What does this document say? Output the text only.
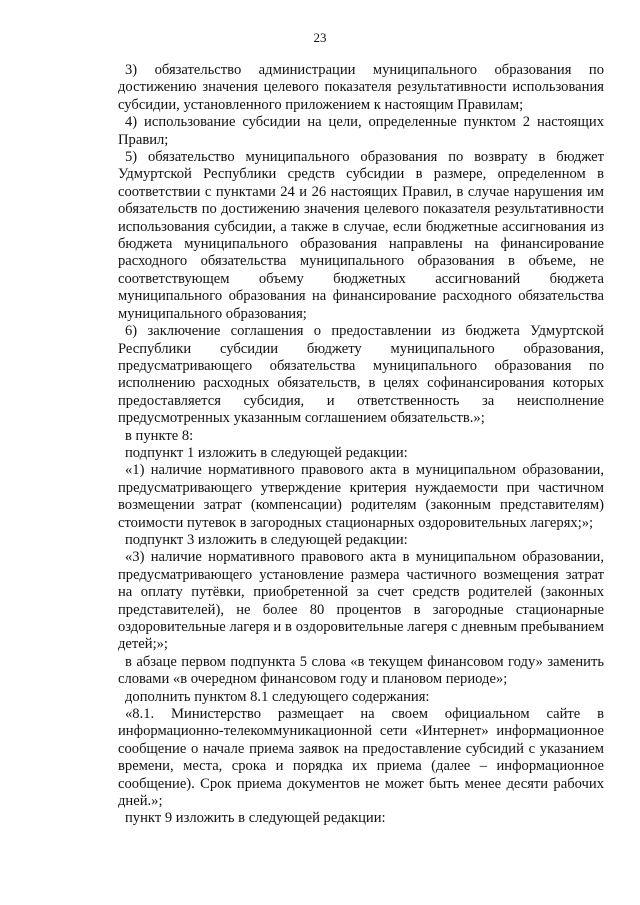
23

3) обязательство администрации муниципального образования по достижению значения целевого показателя результативности использования субсидии, установленного приложением к настоящим Правилам;

4) использование субсидии на цели, определенные пунктом 2 настоящих Правил;

5) обязательство муниципального образования по возврату в бюджет Удмуртской Республики средств субсидии в размере, определенном в соответствии с пунктами 24 и 26 настоящих Правил, в случае нарушения им обязательств по достижению значения целевого показателя результативности использования субсидии, а также в случае, если бюджетные ассигнования из бюджета муниципального образования направлены на финансирование расходного обязательства муниципального образования в объеме, не соответствующем объему бюджетных ассигнований бюджета муниципального образования на финансирование расходного обязательства муниципального образования;

6) заключение соглашения о предоставлении из бюджета Удмуртской Республики субсидии бюджету муниципального образования, предусматривающего обязательства муниципального образования по исполнению расходных обязательств, в целях софинансирования которых предоставляется субсидия, и ответственность за неисполнение предусмотренных указанным соглашением обязательств.»;

в пункте 8:

подпункт 1 изложить в следующей редакции:

«1) наличие нормативного правового акта в муниципальном образовании, предусматривающего утверждение критерия нуждаемости при частичном возмещении затрат (компенсации) родителям (законным представителям) стоимости путевок в загородных стационарных оздоровительных лагерях;»;

подпункт 3 изложить в следующей редакции:

«3) наличие нормативного правового акта в муниципальном образовании, предусматривающего установление размера частичного возмещения затрат на оплату путёвки, приобретенной за счет средств родителей (законных представителей), не более 80 процентов в загородные стационарные оздоровительные лагеря и в оздоровительные лагеря с дневным пребыванием детей;»;

в абзаце первом подпункта 5 слова «в текущем финансовом году» заменить словами «в очередном финансовом году и плановом периоде»;

дополнить пунктом 8.1 следующего содержания:

«8.1. Министерство размещает на своем официальном сайте в информационно-телекоммуникационной сети «Интернет» информационное сообщение о начале приема заявок на предоставление субсидий с указанием времени, места, срока и порядка их приема (далее – информационное сообщение). Срок приема документов не может быть менее десяти рабочих дней.»;

пункт 9 изложить в следующей редакции:
